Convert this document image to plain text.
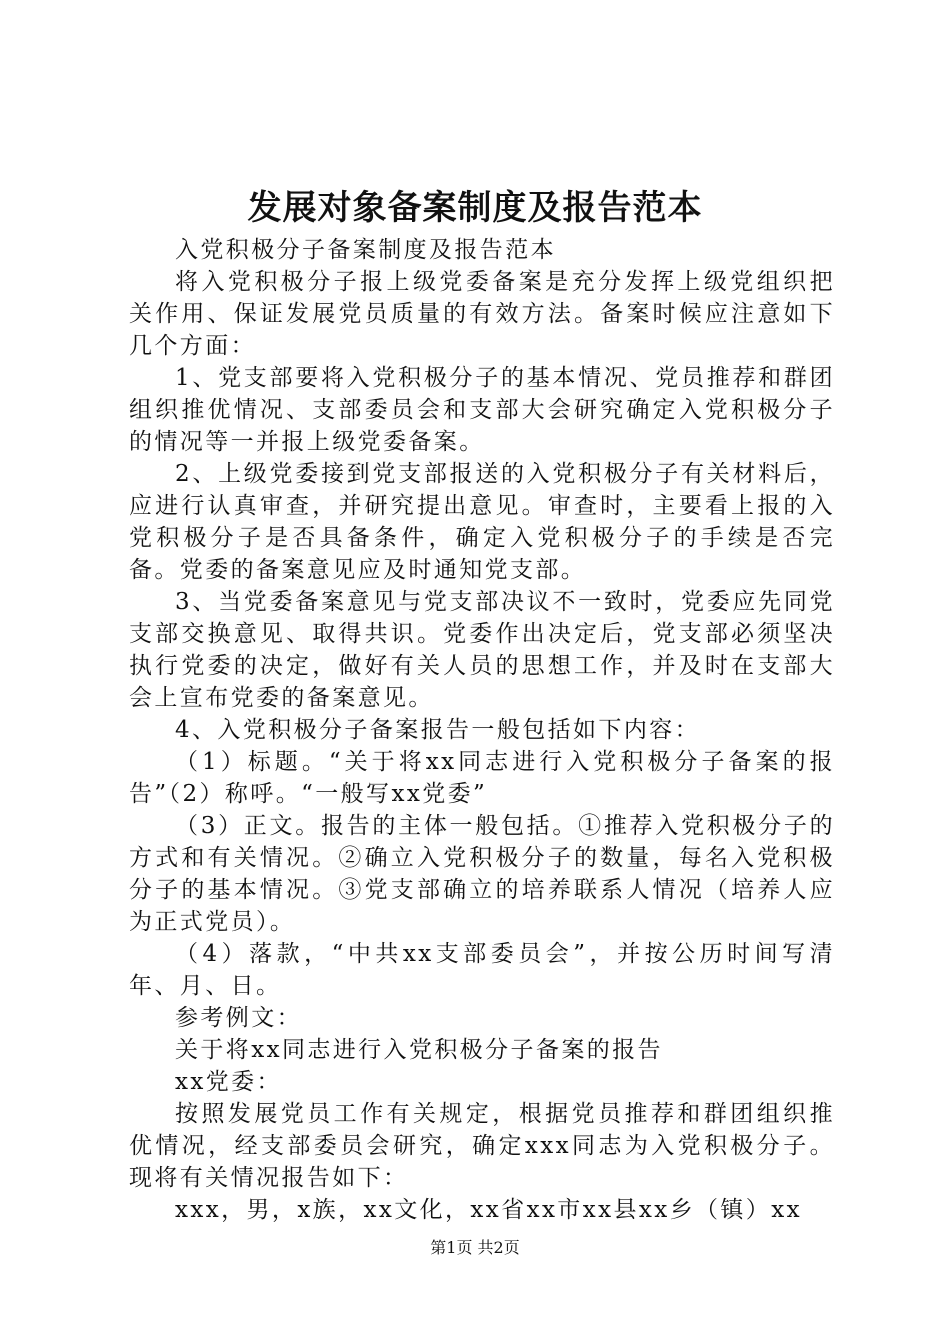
发展对象备案制度及报告范本

入党积极分子备案制度及报告范本

将入党积极分子报上级党委备案是充分发挥上级党组织把关作用、保证发展党员质量的有效方法。备案时候应注意如下几个方面：

1、党支部要将入党积极分子的基本情况、党员推荐和群团组织推优情况、支部委员会和支部大会研究确定入党积极分子的情况等一并报上级党委备案。

2、上级党委接到党支部报送的入党积极分子有关材料后，应进行认真审查，并研究提出意见。审查时，主要看上报的入党积极分子是否具备条件，确定入党积极分子的手续是否完备。党委的备案意见应及时通知党支部。

3、当党委备案意见与党支部决议不一致时，党委应先同党支部交换意见、取得共识。党委作出决定后，党支部必须坚决执行党委的决定，做好有关人员的思想工作，并及时在支部大会上宣布党委的备案意见。

4、入党积极分子备案报告一般包括如下内容：

（1）标题。“关于将xx同志进行入党积极分子备案的报告”（2）称呼。“一般写xx党委”

（3）正文。报告的主体一般包括。①推荐入党积极分子的方式和有关情况。②确立入党积极分子的数量，每名入党积极分子的基本情况。③党支部确立的培养联系人情况（培养人应为正式党员）。

（4）落款，“中共xx支部委员会”，并按公历时间写清年、月、日。

参考例文：

关于将xx同志进行入党积极分子备案的报告

xx党委：

按照发展党员工作有关规定，根据党员推荐和群团组织推优情况，经支部委员会研究，确定xxx同志为入党积极分子。现将有关情况报告如下：

xxx，男，x族，xx文化，xx省xx市xx县xx乡（镇）xx

第1页 共2页
